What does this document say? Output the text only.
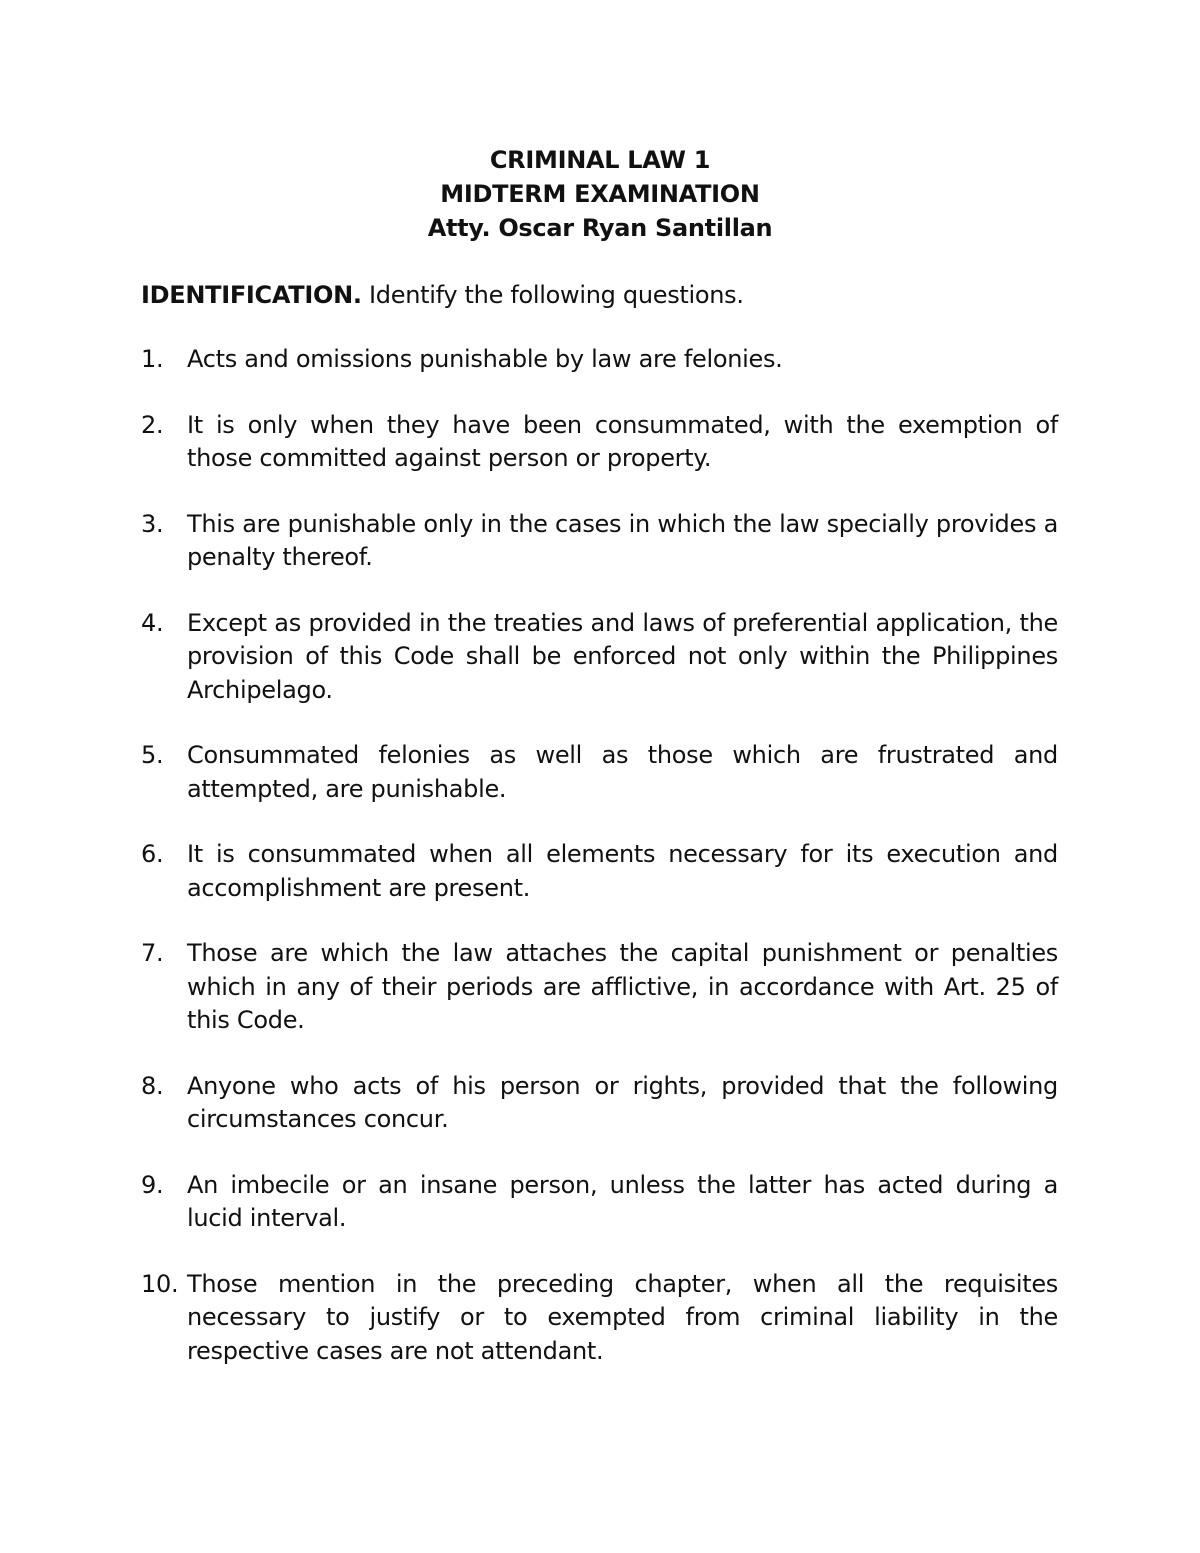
CRIMINAL LAW 1
MIDTERM EXAMINATION
Atty. Oscar Ryan Santillan
IDENTIFICATION. Identify the following questions.
1. Acts and omissions punishable by law are felonies.
2. It is only when they have been consummated, with the exemption of those committed against person or property.
3. This are punishable only in the cases in which the law specially provides a penalty thereof.
4. Except as provided in the treaties and laws of preferential application, the provision of this Code shall be enforced not only within the Philippines Archipelago.
5. Consummated felonies as well as those which are frustrated and attempted, are punishable.
6. It is consummated when all elements necessary for its execution and accomplishment are present.
7. Those are which the law attaches the capital punishment or penalties which in any of their periods are afflictive, in accordance with Art. 25 of this Code.
8. Anyone who acts of his person or rights, provided that the following circumstances concur.
9. An imbecile or an insane person, unless the latter has acted during a lucid interval.
10. Those mention in the preceding chapter, when all the requisites necessary to justify or to exempted from criminal liability in the respective cases are not attendant.
